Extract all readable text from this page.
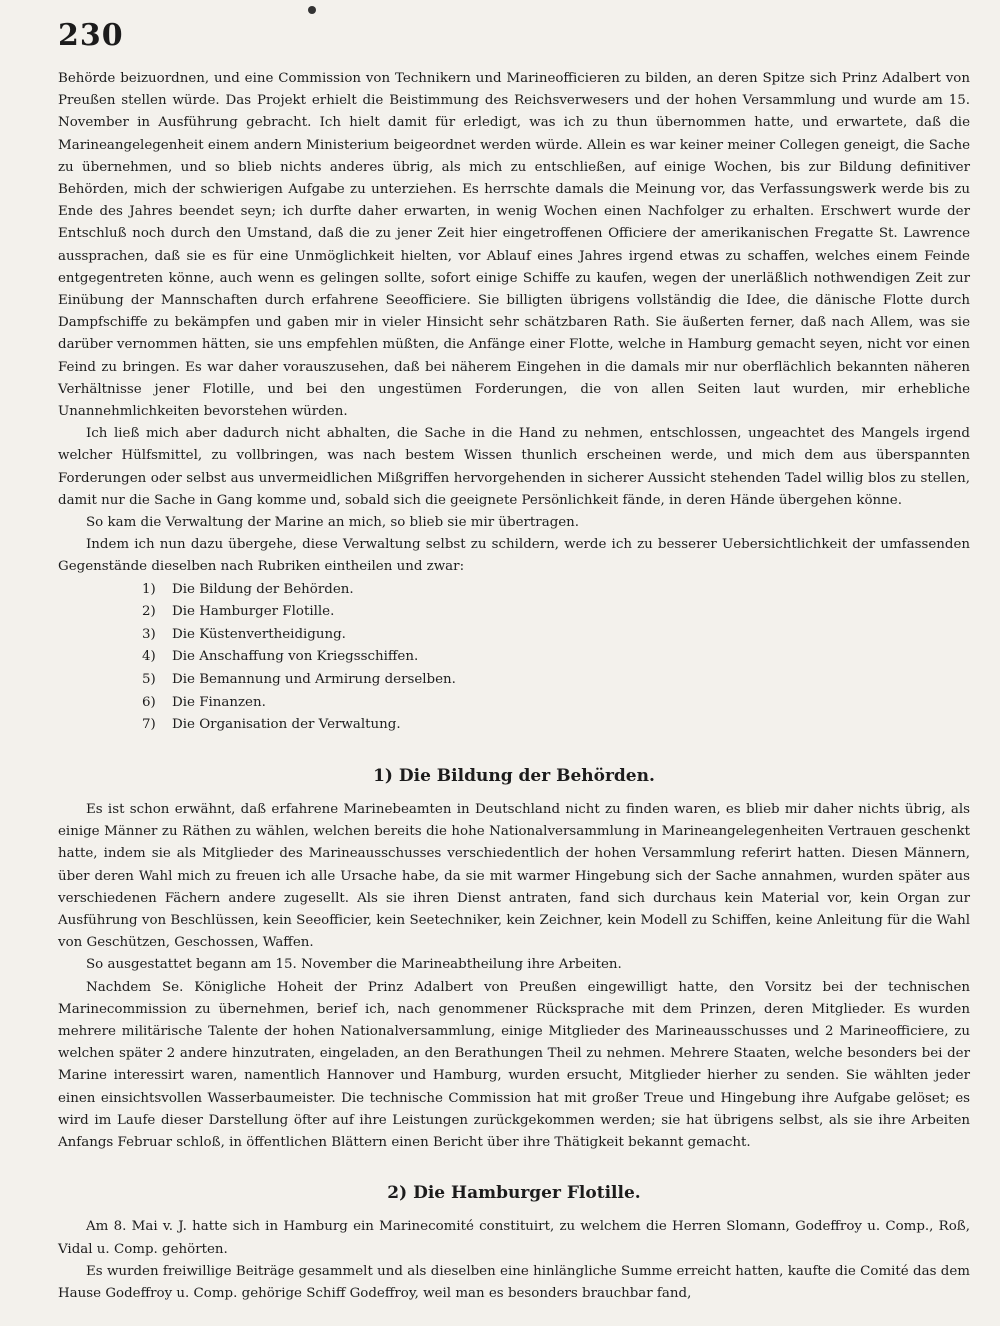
230

Behörde beizuordnen, und eine Commission von Technikern und Marineofficieren zu bilden, an deren Spitze sich Prinz Adalbert von Preußen stellen würde. Das Projekt erhielt die Beistimmung des Reichsverwesers und der hohen Versammlung und wurde am 15. November in Ausführung gebracht. Ich hielt damit für erledigt, was ich zu thun übernommen hatte, und erwartete, daß die Marineangelegenheit einem andern Ministerium beigeordnet werden würde. Allein es war keiner meiner Collegen geneigt, die Sache zu übernehmen, und so blieb nichts anderes übrig, als mich zu entschließen, auf einige Wochen, bis zur Bildung definitiver Behörden, mich der schwierigen Aufgabe zu unterziehen. Es herrschte damals die Meinung vor, das Verfassungswerk werde bis zu Ende des Jahres beendet seyn; ich durfte daher erwarten, in wenig Wochen einen Nachfolger zu erhalten. Erschwert wurde der Entschluß noch durch den Umstand, daß die zu jener Zeit hier eingetroffenen Officiere der amerikanischen Fregatte St. Lawrence aussprachen, daß sie es für eine Unmöglichkeit hielten, vor Ablauf eines Jahres irgend etwas zu schaffen, welches einem Feinde entgegentreten könne, auch wenn es gelingen sollte, sofort einige Schiffe zu kaufen, wegen der unerläßlich nothwendigen Zeit zur Einübung der Mannschaften durch erfahrene Seeofficiere. Sie billigten übrigens vollständig die Idee, die dänische Flotte durch Dampfschiffe zu bekämpfen und gaben mir in vieler Hinsicht sehr schätzbaren Rath. Sie äußerten ferner, daß nach Allem, was sie darüber vernommen hätten, sie uns empfehlen müßten, die Anfänge einer Flotte, welche in Hamburg gemacht seyen, nicht vor einen Feind zu bringen. Es war daher vorauszusehen, daß bei näherem Eingehen in die damals mir nur oberflächlich bekannten näheren Verhältnisse jener Flotille, und bei den ungestümen Forderungen, die von allen Seiten laut wurden, mir erhebliche Unannehmlichkeiten bevorstehen würden.

Ich ließ mich aber dadurch nicht abhalten, die Sache in die Hand zu nehmen, entschlossen, ungeachtet des Mangels irgend welcher Hülfsmittel, zu vollbringen, was nach bestem Wissen thunlich erscheinen werde, und mich dem aus überspannten Forderungen oder selbst aus unvermeidlichen Mißgriffen hervorgehenden in sicherer Aussicht stehenden Tadel willig blos zu stellen, damit nur die Sache in Gang komme und, sobald sich die geeignete Persönlichkeit fände, in deren Hände übergehen könne.

So kam die Verwaltung der Marine an mich, so blieb sie mir übertragen.

Indem ich nun dazu übergehe, diese Verwaltung selbst zu schildern, werde ich zu besserer Uebersichtlichkeit der umfassenden Gegenstände dieselben nach Rubriken eintheilen und zwar:

1) Die Bildung der Behörden.
2) Die Hamburger Flotille.
3) Die Küstenvertheidigung.
4) Die Anschaffung von Kriegsschiffen.
5) Die Bemannung und Armirung derselben.
6) Die Finanzen.
7) Die Organisation der Verwaltung.
1) Die Bildung der Behörden.

Es ist schon erwähnt, daß erfahrene Marinebeamten in Deutschland nicht zu finden waren, es blieb mir daher nichts übrig, als einige Männer zu Räthen zu wählen, welchen bereits die hohe Nationalversammlung in Marineangelegenheiten Vertrauen geschenkt hatte, indem sie als Mitglieder des Marineausschusses verschiedentlich der hohen Versammlung referirt hatten. Diesen Männern, über deren Wahl mich zu freuen ich alle Ursache habe, da sie mit warmer Hingebung sich der Sache annahmen, wurden später aus verschiedenen Fächern andere zugesellt. Als sie ihren Dienst antraten, fand sich durchaus kein Material vor, kein Organ zur Ausführung von Beschlüssen, kein Seeofficier, kein Seetechniker, kein Zeichner, kein Modell zu Schiffen, keine Anleitung für die Wahl von Geschützen, Geschossen, Waffen.

So ausgestattet begann am 15. November die Marineabtheilung ihre Arbeiten.

Nachdem Se. Königliche Hoheit der Prinz Adalbert von Preußen eingewilligt hatte, den Vorsitz bei der technischen Marinecommission zu übernehmen, berief ich, nach genommener Rücksprache mit dem Prinzen, deren Mitglieder. Es wurden mehrere militärische Talente der hohen Nationalversammlung, einige Mitglieder des Marineausschusses und 2 Marineofficiere, zu welchen später 2 andere hinzutraten, eingeladen, an den Berathungen Theil zu nehmen. Mehrere Staaten, welche besonders bei der Marine interessirt waren, namentlich Hannover und Hamburg, wurden ersucht, Mitglieder hierher zu senden. Sie wählten jeder einen einsichtsvollen Wasserbaumeister. Die technische Commission hat mit großer Treue und Hingebung ihre Aufgabe gelöset; es wird im Laufe dieser Darstellung öfter auf ihre Leistungen zurückgekommen werden; sie hat übrigens selbst, als sie ihre Arbeiten Anfangs Februar schloß, in öffentlichen Blättern einen Bericht über ihre Thätigkeit bekannt gemacht.

2) Die Hamburger Flotille.

Am 8. Mai v. J. hatte sich in Hamburg ein Marinecomité constituirt, zu welchem die Herren Slomann, Godeffroy u. Comp., Roß, Vidal u. Comp. gehörten.

Es wurden freiwillige Beiträge gesammelt und als dieselben eine hinlängliche Summe erreicht hatten, kaufte die Comité das dem Hause Godeffroy u. Comp. gehörige Schiff Godeffroy, weil man es besonders brauchbar fand,
